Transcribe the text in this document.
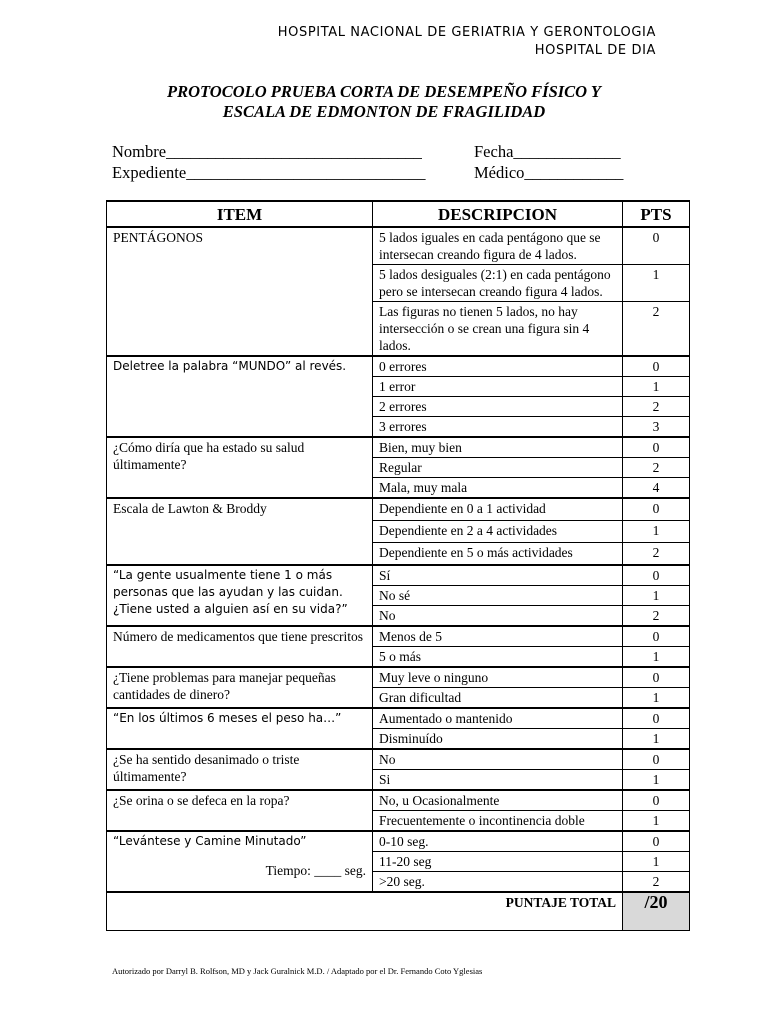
HOSPITAL NACIONAL DE GERIATRIA Y GERONTOLOGIA
HOSPITAL DE DIA
PROTOCOLO PRUEBA CORTA DE DESEMPEÑO FÍSICO Y
ESCALA DE EDMONTON DE FRAGILIDAD
Nombre_______________________________	Fecha_____________
Expediente_____________________________	Médico____________
ITEM	DESCRIPCION	PTS
PENTÁGONOS	5 lados iguales en cada pentágono que se intersecan creando figura de 4 lados.	0
	5 lados desiguales (2:1) en cada pentágono pero se intersecan creando figura 4 lados.	1
	Las figuras no tienen 5 lados, no hay intersección o se crean una figura sin 4 lados.	2
Deletree la palabra “MUNDO” al revés.	0 errores	0
	1 error	1
	2 errores	2
	3 errores	3
¿Cómo diría que ha estado su salud últimamente?	Bien, muy bien	0
	Regular	2
	Mala, muy mala	4
Escala de Lawton & Broddy	Dependiente en 0 a 1 actividad	0
	Dependiente en 2 a 4 actividades	1
	Dependiente en 5 o más actividades	2
“La gente usualmente tiene 1 o más personas que las ayudan y las cuidan. ¿Tiene usted a alguien así en su vida?”	Sí	0
	No sé	1
	No	2
Número de medicamentos que tiene prescritos	Menos de 5	0
	5 o más	1
¿Tiene problemas para manejar pequeñas cantidades de dinero?	Muy leve o ninguno	0
	Gran dificultad	1
“En los últimos 6 meses el peso ha…”	Aumentado o mantenido	0
	Disminuído	1
¿Se ha sentido desanimado o triste últimamente?	No	0
	Si	1
¿Se orina o se defeca en la ropa?	No, u Ocasionalmente	0
	Frecuentemente o incontinencia doble	1
“Levántese y Camine Minutado”
Tiempo: ____ seg.	0-10 seg.	0
	11-20 seg	1
	>20 seg.	2
PUNTAJE TOTAL		/20
Autorizado por Darryl B. Rolfson, MD y Jack Guralnick M.D. / Adaptado por el Dr. Fernando Coto Yglesias
